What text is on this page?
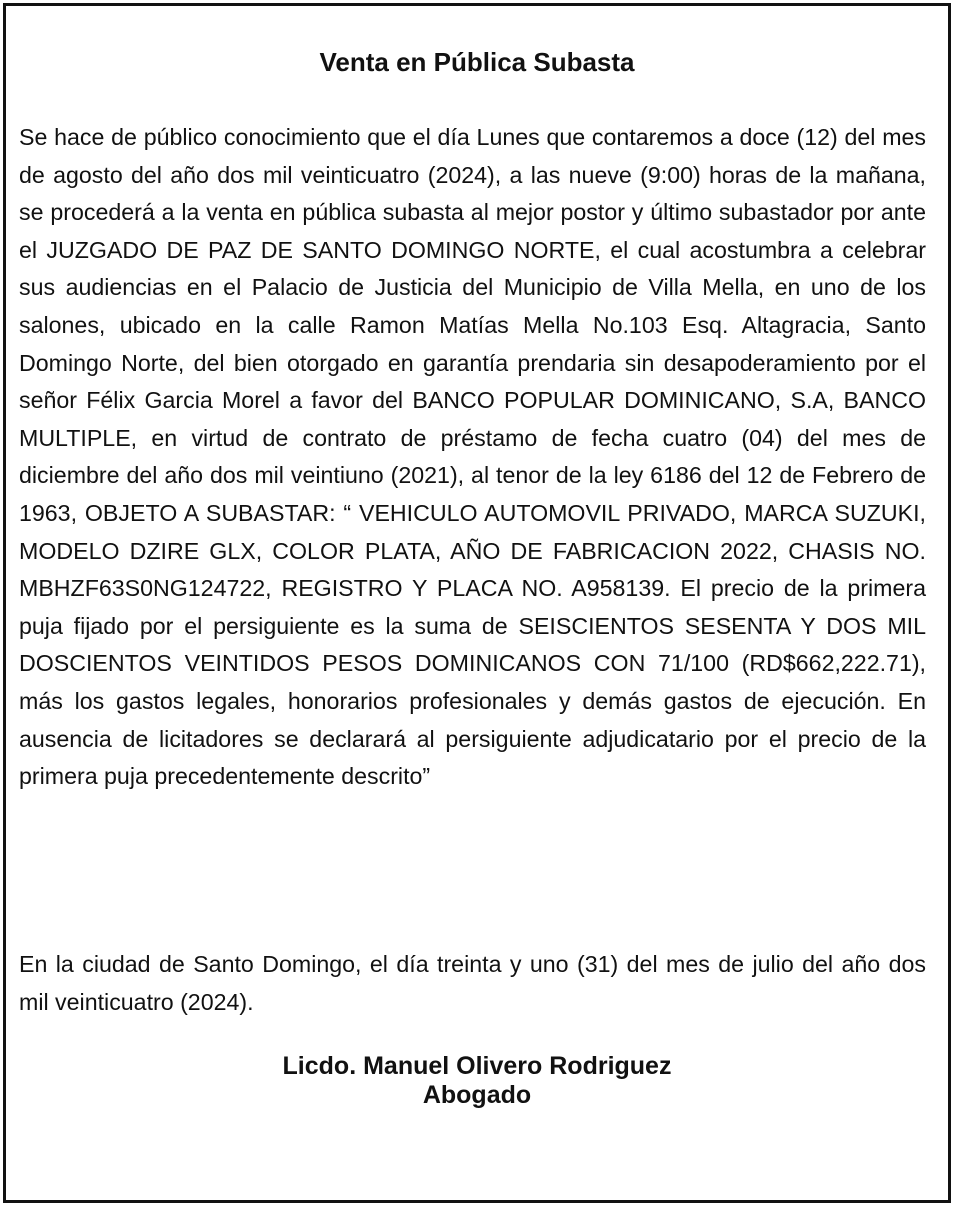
Venta en Pública Subasta

Se hace de público conocimiento que el día Lunes que contaremos a doce (12) del mes de agosto del año dos mil veinticuatro (2024), a las nueve (9:00) horas de la mañana, se procederá a la venta en pública subasta al mejor postor y último subastador por ante el JUZGADO DE PAZ DE SANTO DOMINGO NORTE, el cual acostumbra a celebrar sus audiencias en el Palacio de Justicia del Municipio de Villa Mella, en uno de los salones, ubicado en la calle Ramon Matías Mella No.103 Esq. Altagracia, Santo Domingo Norte, del bien otorgado en garantía prendaria sin desapoderamiento por el señor Félix Garcia Morel a favor del BANCO POPULAR DOMINICANO, S.A, BANCO MULTIPLE, en virtud de contrato de préstamo de fecha cuatro (04) del mes de diciembre del año dos mil veintiuno (2021), al tenor de la ley 6186 del 12 de Febrero de 1963, OBJETO A SUBASTAR: “ VEHICULO AUTOMOVIL PRIVADO, MARCA SUZUKI, MODELO DZIRE GLX, COLOR PLATA, AÑO DE FABRICACION 2022, CHASIS NO. MBHZF63S0NG124722, REGISTRO Y PLACA NO. A958139. El precio de la primera puja fijado por el persiguiente es la suma de SEISCIENTOS SESENTA Y DOS MIL DOSCIENTOS VEINTIDOS PESOS DOMINICANOS CON 71/100 (RD$662,222.71), más los gastos legales, honorarios profesionales y demás gastos de ejecución. En ausencia de licitadores se declarará al persiguiente adjudicatario por el precio de la primera puja precedentemente descrito”

En la ciudad de Santo Domingo, el día treinta y uno (31) del mes de julio del año dos mil veinticuatro (2024).

Licdo. Manuel Olivero Rodriguez
Abogado
